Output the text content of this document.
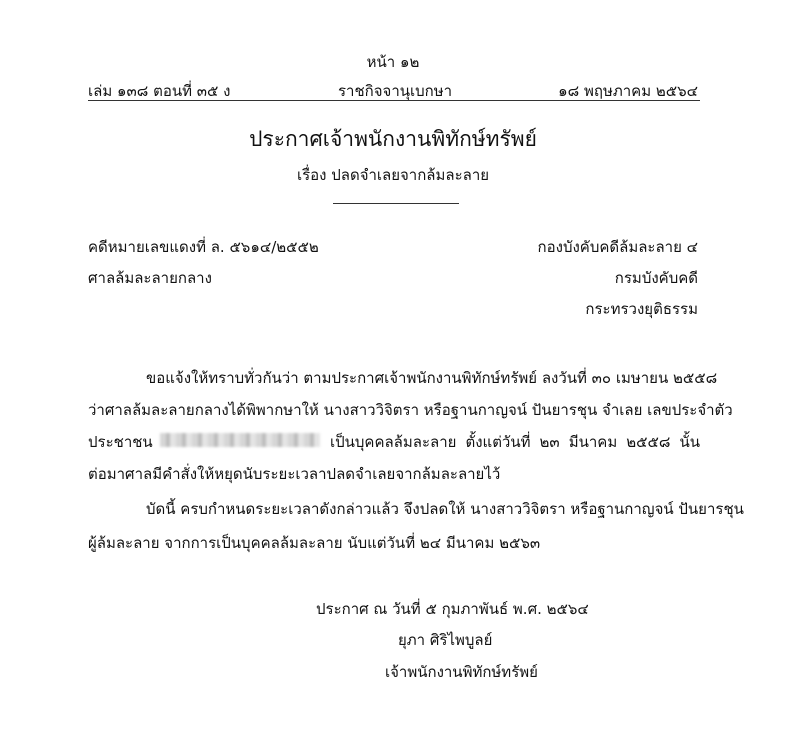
หน้า ๑๒
เล่ม ๑๓๘ ตอนที่ ๓๕ ง	ราชกิจจานุเบกษา	๑๘ พฤษภาคม ๒๕๖๔
ประกาศเจ้าพนักงานพิทักษ์ทรัพย์
เรื่อง ปลดจำเลยจากล้มละลาย
คดีหมายเลขแดงที่ ล. ๕๖๑๔/๒๕๕๒	กองบังคับคดีล้มละลาย ๔
ศาลล้มละลายกลาง	กรมบังคับคดี
กระทรวงยุติธรรม
ขอแจ้งให้ทราบทั่วกันว่า ตามประกาศเจ้าพนักงานพิทักษ์ทรัพย์ ลงวันที่ ๓๐ เมษายน ๒๕๕๘
ว่าศาลล้มละลายกลางได้พิพากษาให้ นางสาววิจิตรา หรือฐานกาญจน์ ปันยารชุน จำเลย เลขประจำตัว
ประชาชน	เป็นบุคคลล้มละลาย ตั้งแต่วันที่ ๒๓ มีนาคม ๒๕๕๘ นั้น
ต่อมาศาลมีคำสั่งให้หยุดนับระยะเวลาปลดจำเลยจากล้มละลายไว้
บัดนี้ ครบกำหนดระยะเวลาดังกล่าวแล้ว จึงปลดให้ นางสาววิจิตรา หรือฐานกาญจน์ ปันยารชุน
ผู้ล้มละลาย จากการเป็นบุคคลล้มละลาย นับแต่วันที่ ๒๔ มีนาคม ๒๕๖๓
ประกาศ ณ วันที่ ๕ กุมภาพันธ์ พ.ศ. ๒๕๖๔
ยุภา ศิริไพบูลย์
เจ้าพนักงานพิทักษ์ทรัพย์
